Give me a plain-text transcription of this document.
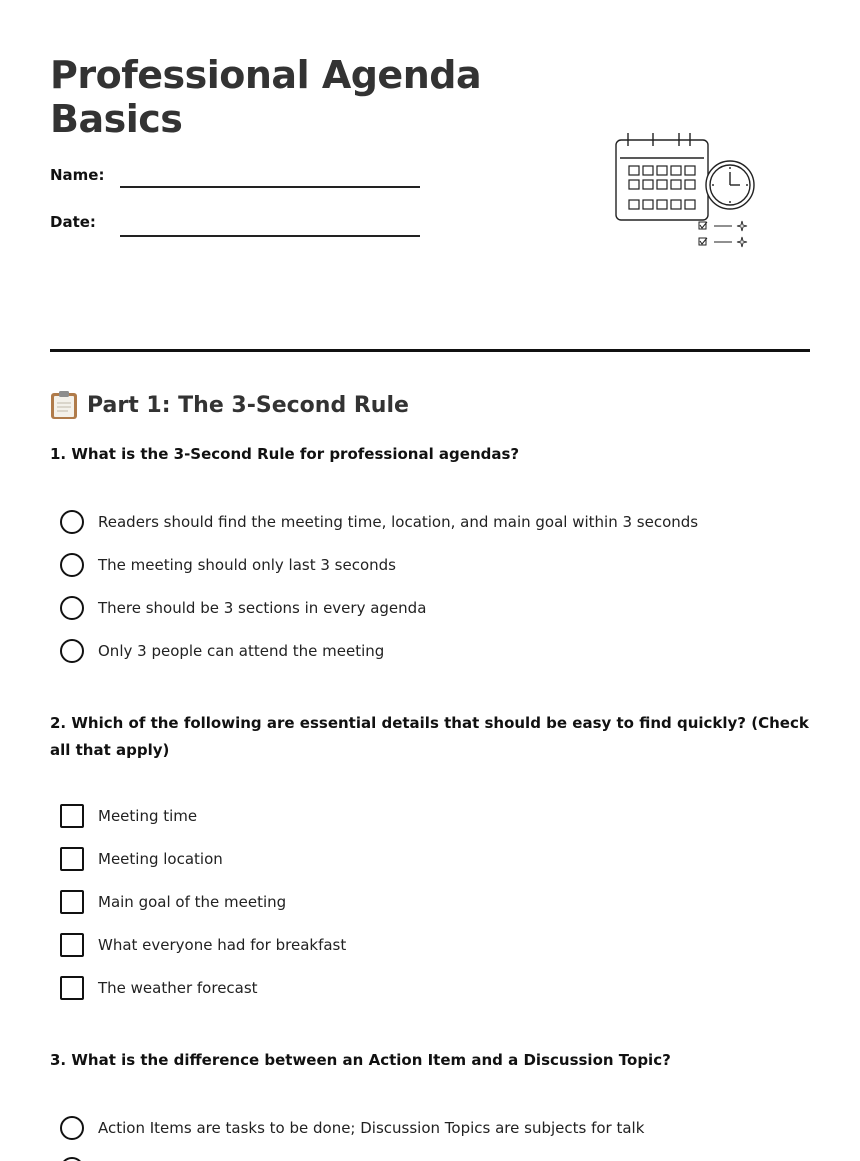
Professional Agenda Basics
Name:
Date:
Part 1: The 3-Second Rule
1. What is the 3-Second Rule for professional agendas?
Readers should find the meeting time, location, and main goal within 3 seconds
The meeting should only last 3 seconds
There should be 3 sections in every agenda
Only 3 people can attend the meeting
2. Which of the following are essential details that should be easy to find quickly? (Check all that apply)
Meeting time
Meeting location
Main goal of the meeting
What everyone had for breakfast
The weather forecast
3. What is the difference between an Action Item and a Discussion Topic?
Action Items are tasks to be done; Discussion Topics are subjects for talk
